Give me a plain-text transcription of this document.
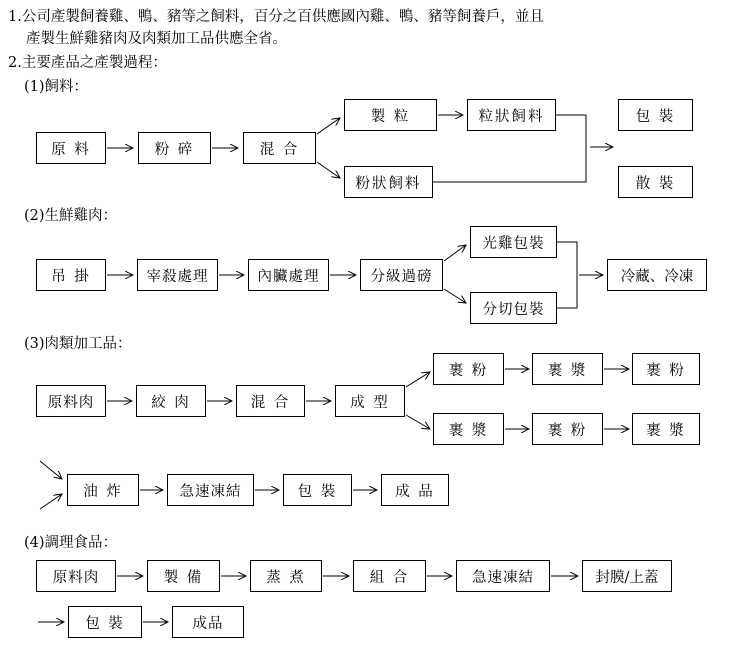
1.公司產製飼養雞、鴨、豬等之飼料，百分之百供應國內雞、鴨、豬等飼養戶，並且
產製生鮮雞豬肉及肉類加工品供應全省。
2.主要產品之產製過程：
(1)飼料：
原 料	粉 碎	混 合
製 粒	粒狀飼料
粉狀飼料
包 裝
散 裝
(2)生鮮雞肉：
吊 掛	宰殺處理	內臟處理	分級過磅
光雞包裝
分切包裝
冷藏、冷凍
(3)肉類加工品：
原料肉	絞 肉	混 合	成 型
裹 粉	裹 漿	裹 粉
裹 漿	裹 粉	裹 漿
油 炸	急速凍結	包 裝	成 品
(4)調理食品：
原料肉	製 備	蒸 煮	組 合	急速凍結	封膜/上蓋
包 裝	成品
